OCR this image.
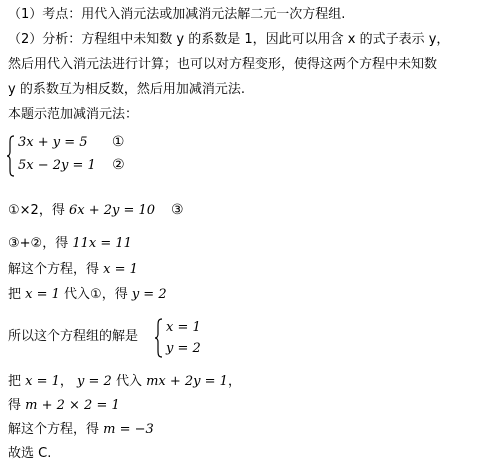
（1）考点：用代入消元法或加减消元法解二元一次方程组.
（2）分析：方程组中未知数 y 的系数是 1，因此可以用含 x 的式子表示 y，
然后用代入消元法进行计算；也可以对方程变形，使得这两个方程中未知数
y 的系数互为相反数，然后用加减消元法.
本题示范加减消元法：
3x + y = 5 ①
5x − 2y = 1 ②
①×2，得 6x + 2y = 10 ③
③+②，得 11x = 11
解这个方程，得 x = 1
把 x = 1 代入①，得 y = 2
所以这个方程组的解是
x = 1
y = 2
把 x = 1， y = 2 代入 mx + 2y = 1，
得 m + 2 × 2 = 1
解这个方程，得 m = −3
故选 C.
